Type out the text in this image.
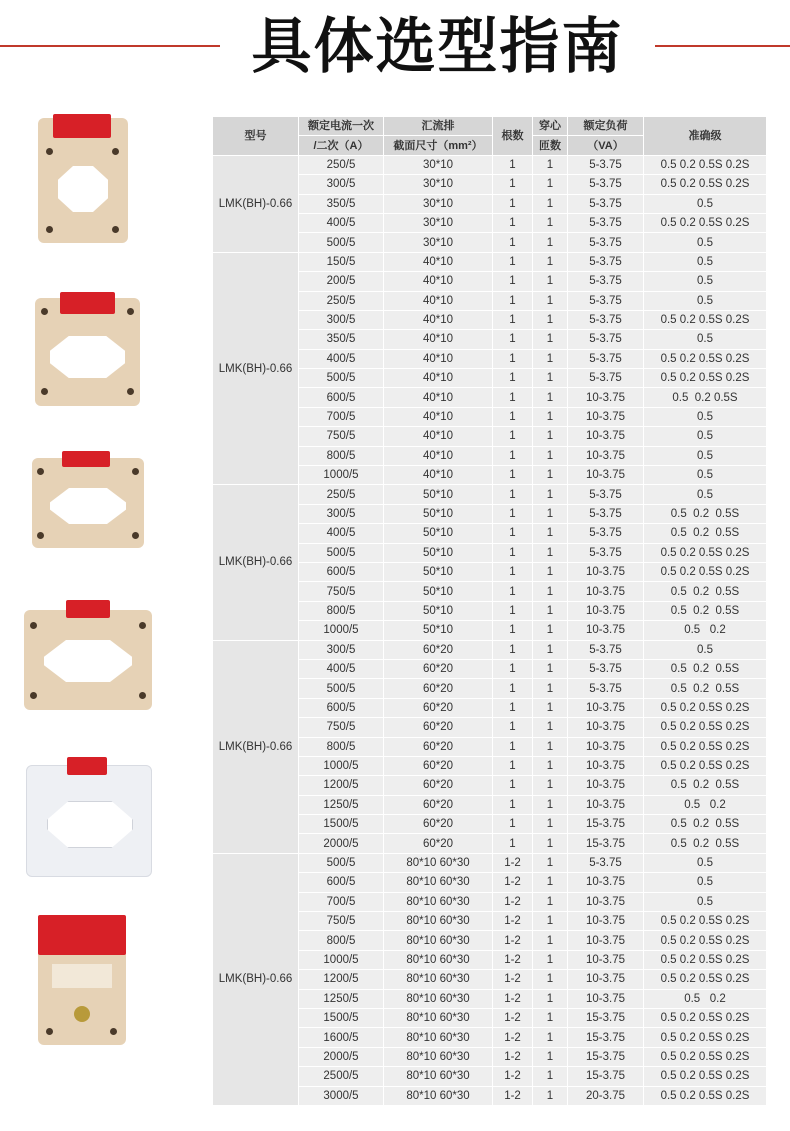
具体选型指南
型号	额定电流一次	汇流排	根数	穿心	额定负荷	准确级
	/二次（A）	截面尺寸（mm²）		匝数	（VA）	
LMK(BH)-0.66	250/5	30*10	1	1	5-3.75	0.5 0.2 0.5S 0.2S
	300/5	30*10	1	1	5-3.75	0.5 0.2 0.5S 0.2S
	350/5	30*10	1	1	5-3.75	0.5
	400/5	30*10	1	1	5-3.75	0.5 0.2 0.5S 0.2S
	500/5	30*10	1	1	5-3.75	0.5
LMK(BH)-0.66	150/5	40*10	1	1	5-3.75	0.5
	200/5	40*10	1	1	5-3.75	0.5
	250/5	40*10	1	1	5-3.75	0.5
	300/5	40*10	1	1	5-3.75	0.5 0.2 0.5S 0.2S
	350/5	40*10	1	1	5-3.75	0.5
	400/5	40*10	1	1	5-3.75	0.5 0.2 0.5S 0.2S
	500/5	40*10	1	1	5-3.75	0.5 0.2 0.5S 0.2S
	600/5	40*10	1	1	10-3.75	0.5  0.2 0.5S
	700/5	40*10	1	1	10-3.75	0.5
	750/5	40*10	1	1	10-3.75	0.5
	800/5	40*10	1	1	10-3.75	0.5
	1000/5	40*10	1	1	10-3.75	0.5
LMK(BH)-0.66	250/5	50*10	1	1	5-3.75	0.5
	300/5	50*10	1	1	5-3.75	0.5  0.2  0.5S
	400/5	50*10	1	1	5-3.75	0.5  0.2  0.5S
	500/5	50*10	1	1	5-3.75	0.5 0.2 0.5S 0.2S
	600/5	50*10	1	1	10-3.75	0.5 0.2 0.5S 0.2S
	750/5	50*10	1	1	10-3.75	0.5  0.2  0.5S
	800/5	50*10	1	1	10-3.75	0.5  0.2  0.5S
	1000/5	50*10	1	1	10-3.75	0.5   0.2
LMK(BH)-0.66	300/5	60*20	1	1	5-3.75	0.5
	400/5	60*20	1	1	5-3.75	0.5  0.2  0.5S
	500/5	60*20	1	1	5-3.75	0.5  0.2  0.5S
	600/5	60*20	1	1	10-3.75	0.5 0.2 0.5S 0.2S
	750/5	60*20	1	1	10-3.75	0.5 0.2 0.5S 0.2S
	800/5	60*20	1	1	10-3.75	0.5 0.2 0.5S 0.2S
	1000/5	60*20	1	1	10-3.75	0.5 0.2 0.5S 0.2S
	1200/5	60*20	1	1	10-3.75	0.5  0.2  0.5S
	1250/5	60*20	1	1	10-3.75	0.5   0.2
	1500/5	60*20	1	1	15-3.75	0.5  0.2  0.5S
	2000/5	60*20	1	1	15-3.75	0.5  0.2  0.5S
LMK(BH)-0.66	500/5	80*10 60*30	1-2	1	5-3.75	0.5
	600/5	80*10 60*30	1-2	1	10-3.75	0.5
	700/5	80*10 60*30	1-2	1	10-3.75	0.5
	750/5	80*10 60*30	1-2	1	10-3.75	0.5 0.2 0.5S 0.2S
	800/5	80*10 60*30	1-2	1	10-3.75	0.5 0.2 0.5S 0.2S
	1000/5	80*10 60*30	1-2	1	10-3.75	0.5 0.2 0.5S 0.2S
	1200/5	80*10 60*30	1-2	1	10-3.75	0.5 0.2 0.5S 0.2S
	1250/5	80*10 60*30	1-2	1	10-3.75	0.5   0.2
	1500/5	80*10 60*30	1-2	1	15-3.75	0.5 0.2 0.5S 0.2S
	1600/5	80*10 60*30	1-2	1	15-3.75	0.5 0.2 0.5S 0.2S
	2000/5	80*10 60*30	1-2	1	15-3.75	0.5 0.2 0.5S 0.2S
	2500/5	80*10 60*30	1-2	1	15-3.75	0.5 0.2 0.5S 0.2S
	3000/5	80*10 60*30	1-2	1	20-3.75	0.5 0.2 0.5S 0.2S
